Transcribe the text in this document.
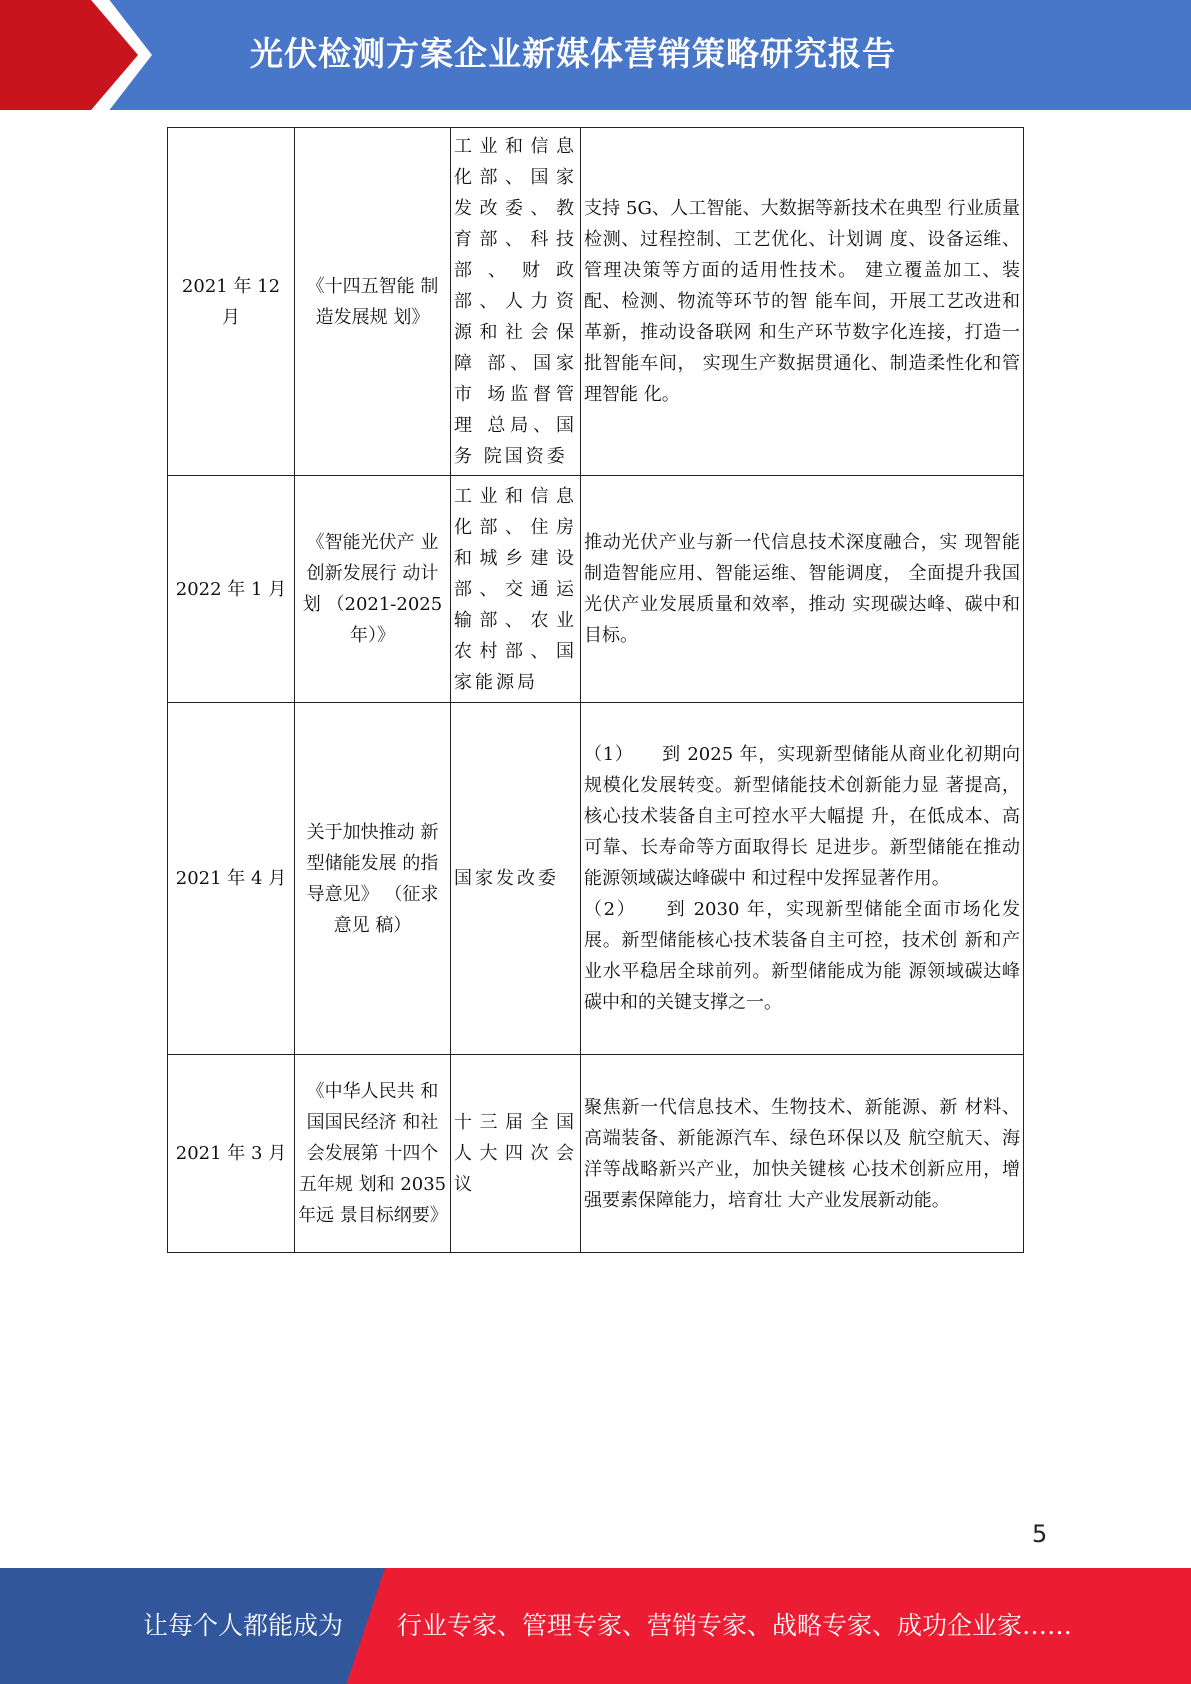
光伏检测方案企业新媒体营销策略研究报告
2021 年 12 月	《十四五智能 制造发展规 划》	工业和信息化部、国家发改委、教育部、科技部、财政部、人力资源和社会保障 部、国家市 场监督管理 总局、国务 院国资委	支持 5G、人工智能、大数据等新技术在典型 行业质量检测、过程控制、工艺优化、计划调 度、设备运维、管理决策等方面的适用性技术。 建立覆盖加工、装配、检测、物流等环节的智 能车间，开展工艺改进和革新，推动设备联网 和生产环节数字化连接，打造一批智能车间， 实现生产数据贯通化、制造柔性化和管理智能 化。

2022 年 1 月	《智能光伏产 业创新发展行 动计划 （2021-2025 年）》	工业和信息化部、住房和城乡建设部、交通运输部、农业农村部、国家能源局	推动光伏产业与新一代信息技术深度融合，实 现智能制造智能应用、智能运维、智能调度， 全面提升我国光伏产业发展质量和效率，推动 实现碳达峰、碳中和目标。

2021 年 4 月	关于加快推动 新型储能发展 的指导意见》 （征求意见 稿）	国家发改委	（1）　　到 2025 年，实现新型储能从商业化初期向规模化发展转变。新型储能技术创新能力显 著提高，核心技术装备自主可控水平大幅提 升，在低成本、高可靠、长寿命等方面取得长 足进步。新型储能在推动能源领域碳达峰碳中 和过程中发挥显著作用。
（2）　　到 2030 年，实现新型储能全面市场化发展。新型储能核心技术装备自主可控，技术创 新和产业水平稳居全球前列。新型储能成为能 源领域碳达峰碳中和的关键支撑之一。

2021 年 3 月	《中华人民共 和国国民经济 和社会发展第 十四个五年规 划和 2035 年远 景目标纲要》	十三届全国人大四次会议	聚焦新一代信息技术、生物技术、新能源、新 材料、高端装备、新能源汽车、绿色环保以及 航空航天、海洋等战略新兴产业，加快关键核 心技术创新应用，增强要素保障能力，培育壮 大产业发展新动能。
5
让每个人都能成为 行业专家、管理专家、营销专家、战略专家、成功企业家……
